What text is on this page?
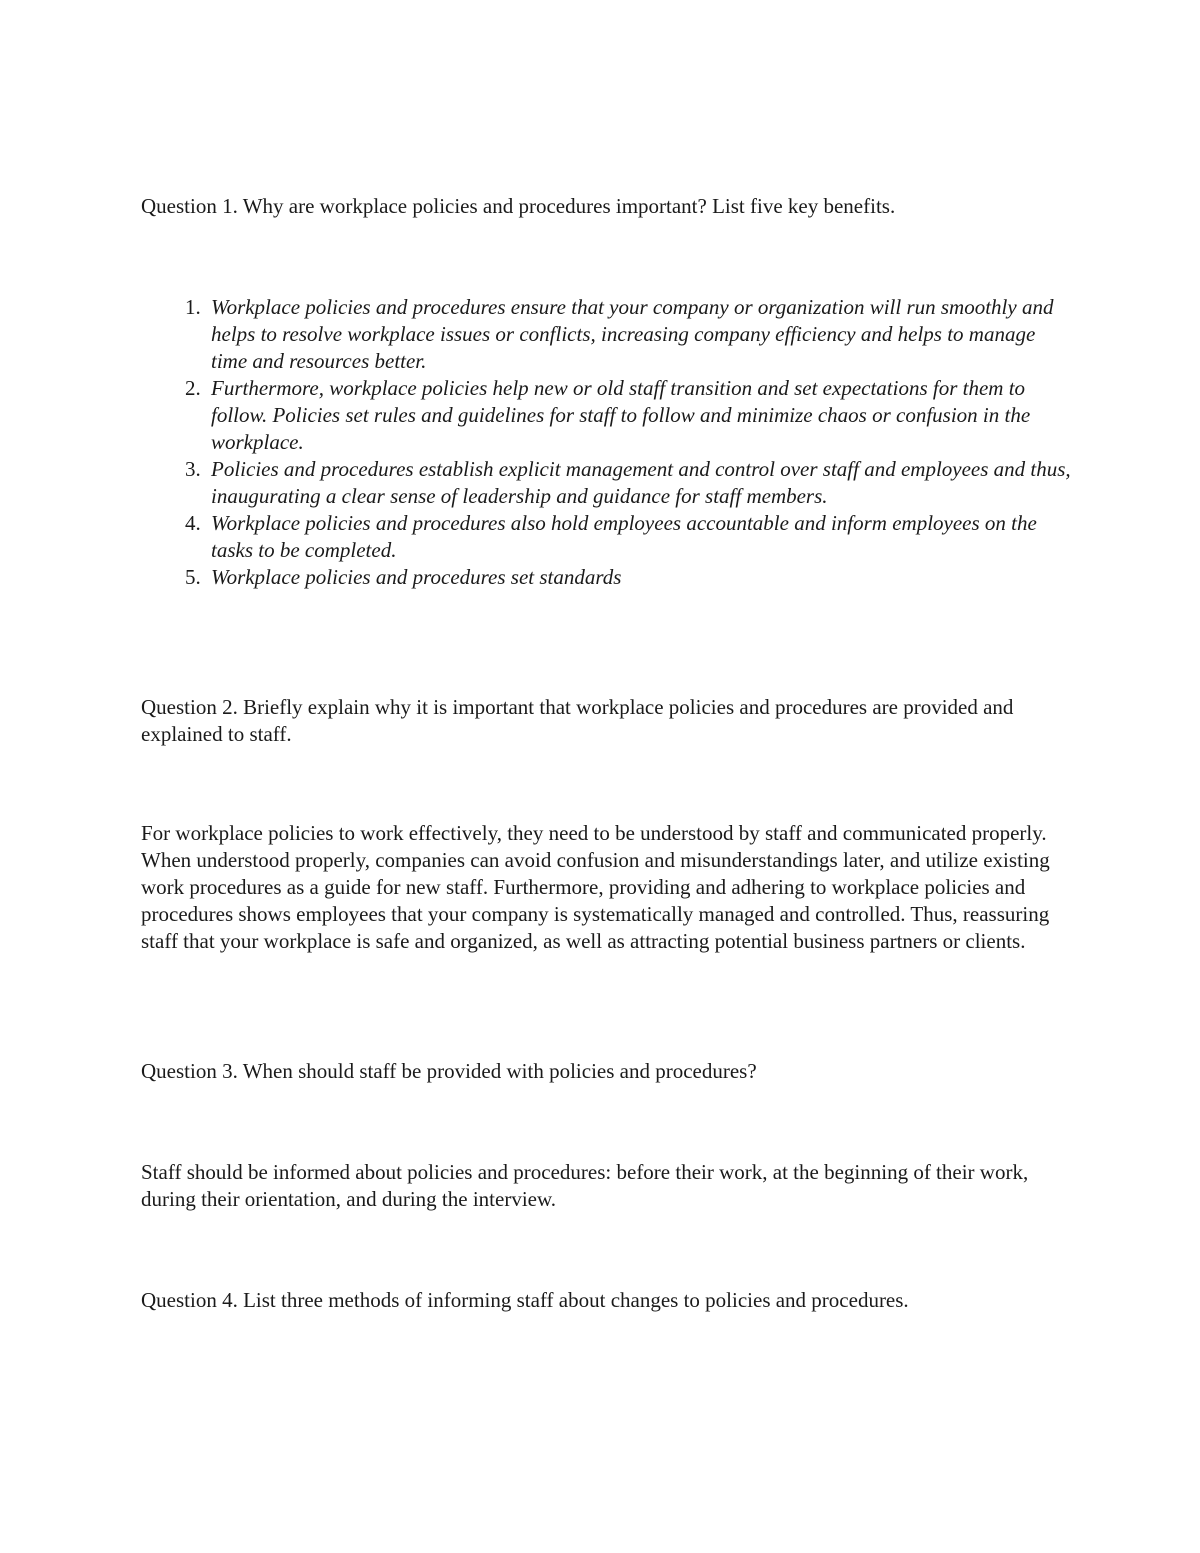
Question 1. Why are workplace policies and procedures important? List five key benefits.

1. Workplace policies and procedures ensure that your company or organization will run smoothly and helps to resolve workplace issues or conflicts, increasing company efficiency and helps to manage time and resources better.
2. Furthermore, workplace policies help new or old staff transition and set expectations for them to follow. Policies set rules and guidelines for staff to follow and minimize chaos or confusion in the workplace.
3. Policies and procedures establish explicit management and control over staff and employees and thus, inaugurating a clear sense of leadership and guidance for staff members.
4. Workplace policies and procedures also hold employees accountable and inform employees on the tasks to be completed.
5. Workplace policies and procedures set standards

Question 2. Briefly explain why it is important that workplace policies and procedures are provided and explained to staff.

For workplace policies to work effectively, they need to be understood by staff and communicated properly. When understood properly, companies can avoid confusion and misunderstandings later, and utilize existing work procedures as a guide for new staff. Furthermore, providing and adhering to workplace policies and procedures shows employees that your company is systematically managed and controlled. Thus, reassuring staff that your workplace is safe and organized, as well as attracting potential business partners or clients.

Question 3. When should staff be provided with policies and procedures?

Staff should be informed about policies and procedures: before their work, at the beginning of their work, during their orientation, and during the interview.

Question 4. List three methods of informing staff about changes to policies and procedures.
